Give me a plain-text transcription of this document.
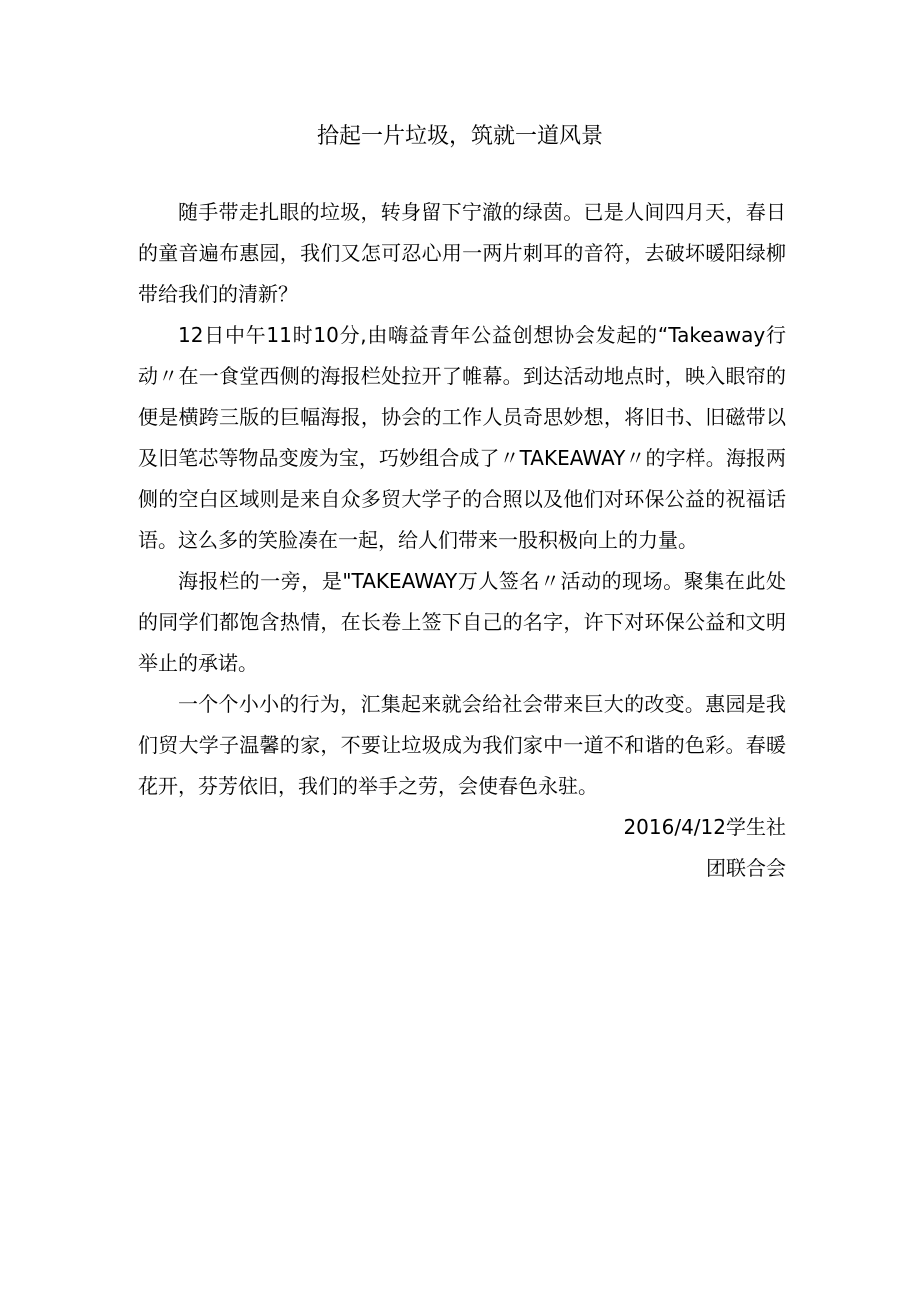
拾起一片垃圾，筑就一道风景

随手带走扎眼的垃圾，转身留下宁澈的绿茵。已是人间四月天，春日的童音遍布惠园，我们又怎可忍心用一两片刺耳的音符，去破坏暖阳绿柳带给我们的清新？

12日中午11时10分,由嗨益青年公益创想协会发起的“Takeaway行动〃在一食堂西侧的海报栏处拉开了帷幕。到达活动地点时，映入眼帘的便是横跨三版的巨幅海报，协会的工作人员奇思妙想，将旧书、旧磁带以及旧笔芯等物品变废为宝，巧妙组合成了〃TAKEAWAY〃的字样。海报两侧的空白区域则是来自众多贸大学子的合照以及他们对环保公益的祝福话语。这么多的笑脸凑在一起，给人们带来一股积极向上的力量。

海报栏的一旁，是"TAKEAWAY万人签名〃活动的现场。聚集在此处的同学们都饱含热情，在长卷上签下自己的名字，许下对环保公益和文明举止的承诺。

一个个小小的行为，汇集起来就会给社会带来巨大的改变。惠园是我们贸大学子温馨的家，不要让垃圾成为我们家中一道不和谐的色彩。春暖花开，芬芳依旧，我们的举手之劳，会使春色永驻。

2016/4/12学生社

团联合会
